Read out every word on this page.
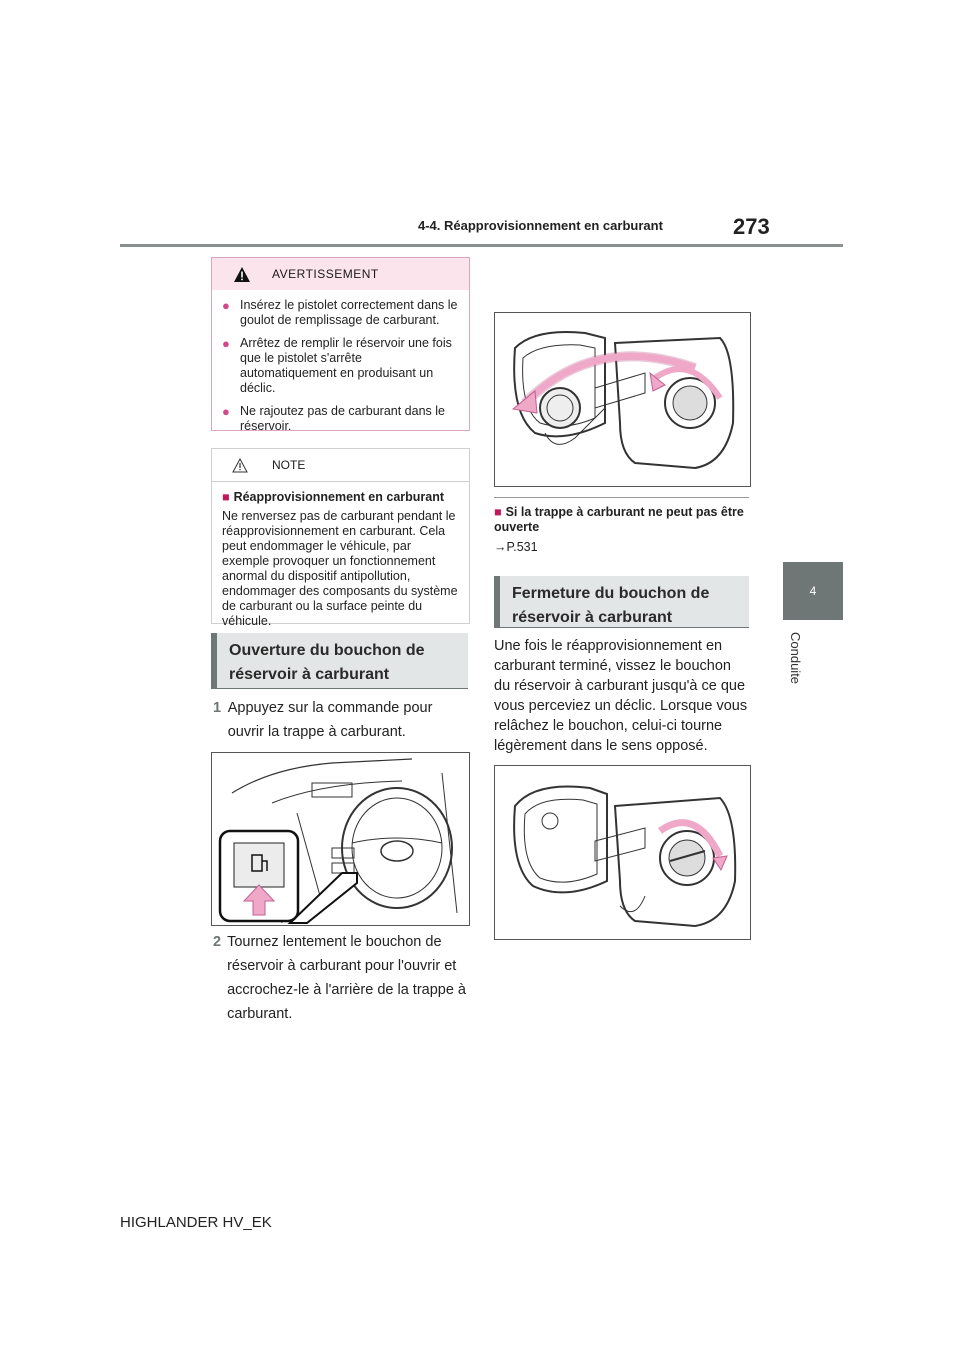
4-4. Réapprovisionnement en carburant	273
4
Conduite
AVERTISSEMENT
● Insérez le pistolet correctement dans le goulot de remplissage de carburant.
● Arrêtez de remplir le réservoir une fois que le pistolet s'arrête automatiquement en produisant un déclic.
● Ne rajoutez pas de carburant dans le réservoir.
NOTE
■ Réapprovisionnement en carburant
Ne renversez pas de carburant pendant le réapprovisionnement en carburant. Cela peut endommager le véhicule, par exemple provoquer un fonctionnement anormal du dispositif antipollution, endommager des composants du système de carburant ou la surface peinte du véhicule.
Ouverture du bouchon de réservoir à carburant
1 Appuyez sur la commande pour ouvrir la trappe à carburant.
2 Tournez lentement le bouchon de réservoir à carburant pour l'ouvrir et accrochez-le à l'arrière de la trappe à carburant.
■ Si la trappe à carburant ne peut pas être ouverte
→P.531
Fermeture du bouchon de réservoir à carburant
Une fois le réapprovisionnement en carburant terminé, vissez le bouchon du réservoir à carburant jusqu'à ce que vous perceviez un déclic. Lorsque vous relâchez le bouchon, celui-ci tourne légèrement dans le sens opposé.
HIGHLANDER HV_EK
